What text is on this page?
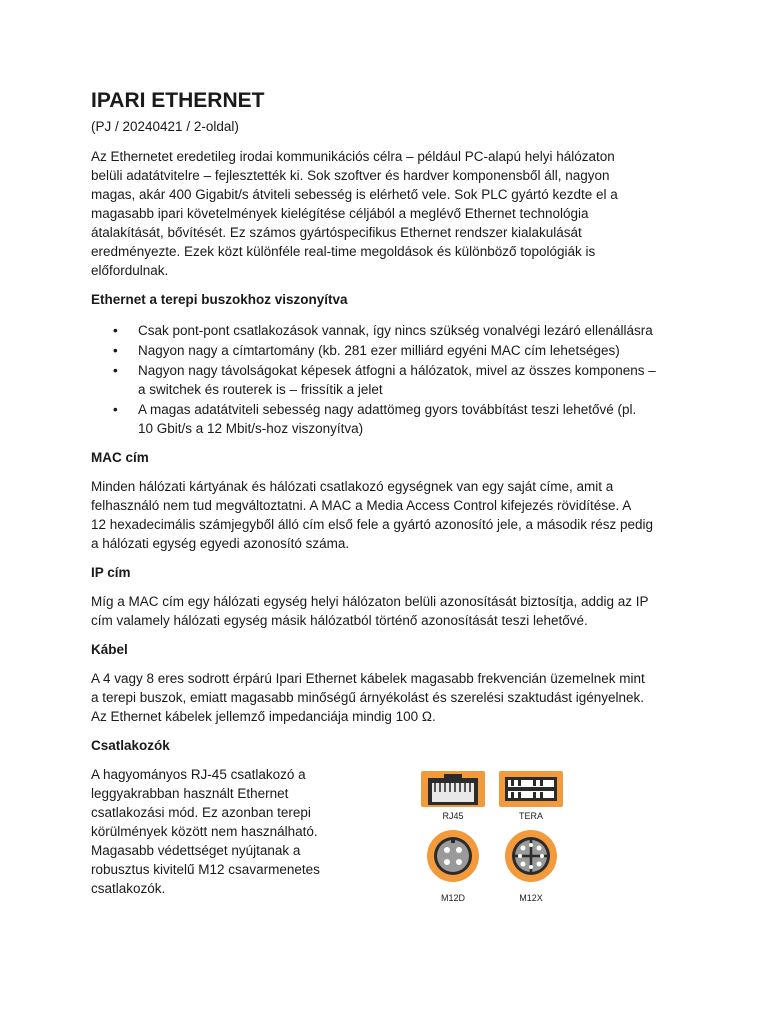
IPARI ETHERNET
(PJ / 20240421 / 2-oldal)

Az Ethernetet eredetileg irodai kommunikációs célra – például PC-alapú helyi hálózaton

belüli adatátvitelre – fejlesztették ki. Sok szoftver és hardver komponensből áll, nagyon

magas, akár 400 Gigabit/s átviteli sebesség is elérhető vele. Sok PLC gyártó kezdte el a

magasabb ipari követelmények kielégítése céljából a meglévő Ethernet technológia

átalakítását, bővítését. Ez számos gyártóspecifikus Ethernet rendszer kialakulását

eredményezte. Ezek közt különféle real-time megoldások és különböző topológiák is

előfordulnak.

Ethernet a terepi buszokhoz viszonyítva
• Csak pont-pont csatlakozások vannak, így nincs szükség vonalvégi lezáró ellenállásra
• Nagyon nagy a címtartomány (kb. 281 ezer milliárd egyéni MAC cím lehetséges)
• Nagyon nagy távolságokat képesek átfogni a hálózatok, mivel az összes komponens –
a switchek és routerek is – frissítik a jelet
• A magas adatátviteli sebesség nagy adattömeg gyors továbbítást teszi lehetővé (pl.
10 Gbit/s a 12 Mbit/s-hoz viszonyítva)
MAC cím

Minden hálózati kártyának és hálózati csatlakozó egységnek van egy saját címe, amit a

felhasználó nem tud megváltoztatni. A MAC a Media Access Control kifejezés rövidítése. A

12 hexadecimális számjegyből álló cím első fele a gyártó azonosító jele, a második rész pedig

a hálózati egység egyedi azonosító száma.

IP cím

Míg a MAC cím egy hálózati egység helyi hálózaton belüli azonosítását biztosítja, addig az IP

cím valamely hálózati egység másik hálózatból történő azonosítását teszi lehetővé.

Kábel

A 4 vagy 8 eres sodrott érpárú Ipari Ethernet kábelek magasabb frekvencián üzemelnek mint

a terepi buszok, emiatt magasabb minőségű árnyékolást és szerelési szaktudást igényelnek.

Az Ethernet kábelek jellemző impedanciája mindig 100 Ω.

Csatlakozók

A hagyományos RJ-45 csatlakozó a

leggyakrabban használt Ethernet

csatlakozási mód. Ez azonban terepi

körülmények között nem használható.

Magasabb védettséget nyújtanak a

robusztus kivitelű M12 csavarmenetes

csatlakozók.

RJ45	TERA
M12D	M12X
